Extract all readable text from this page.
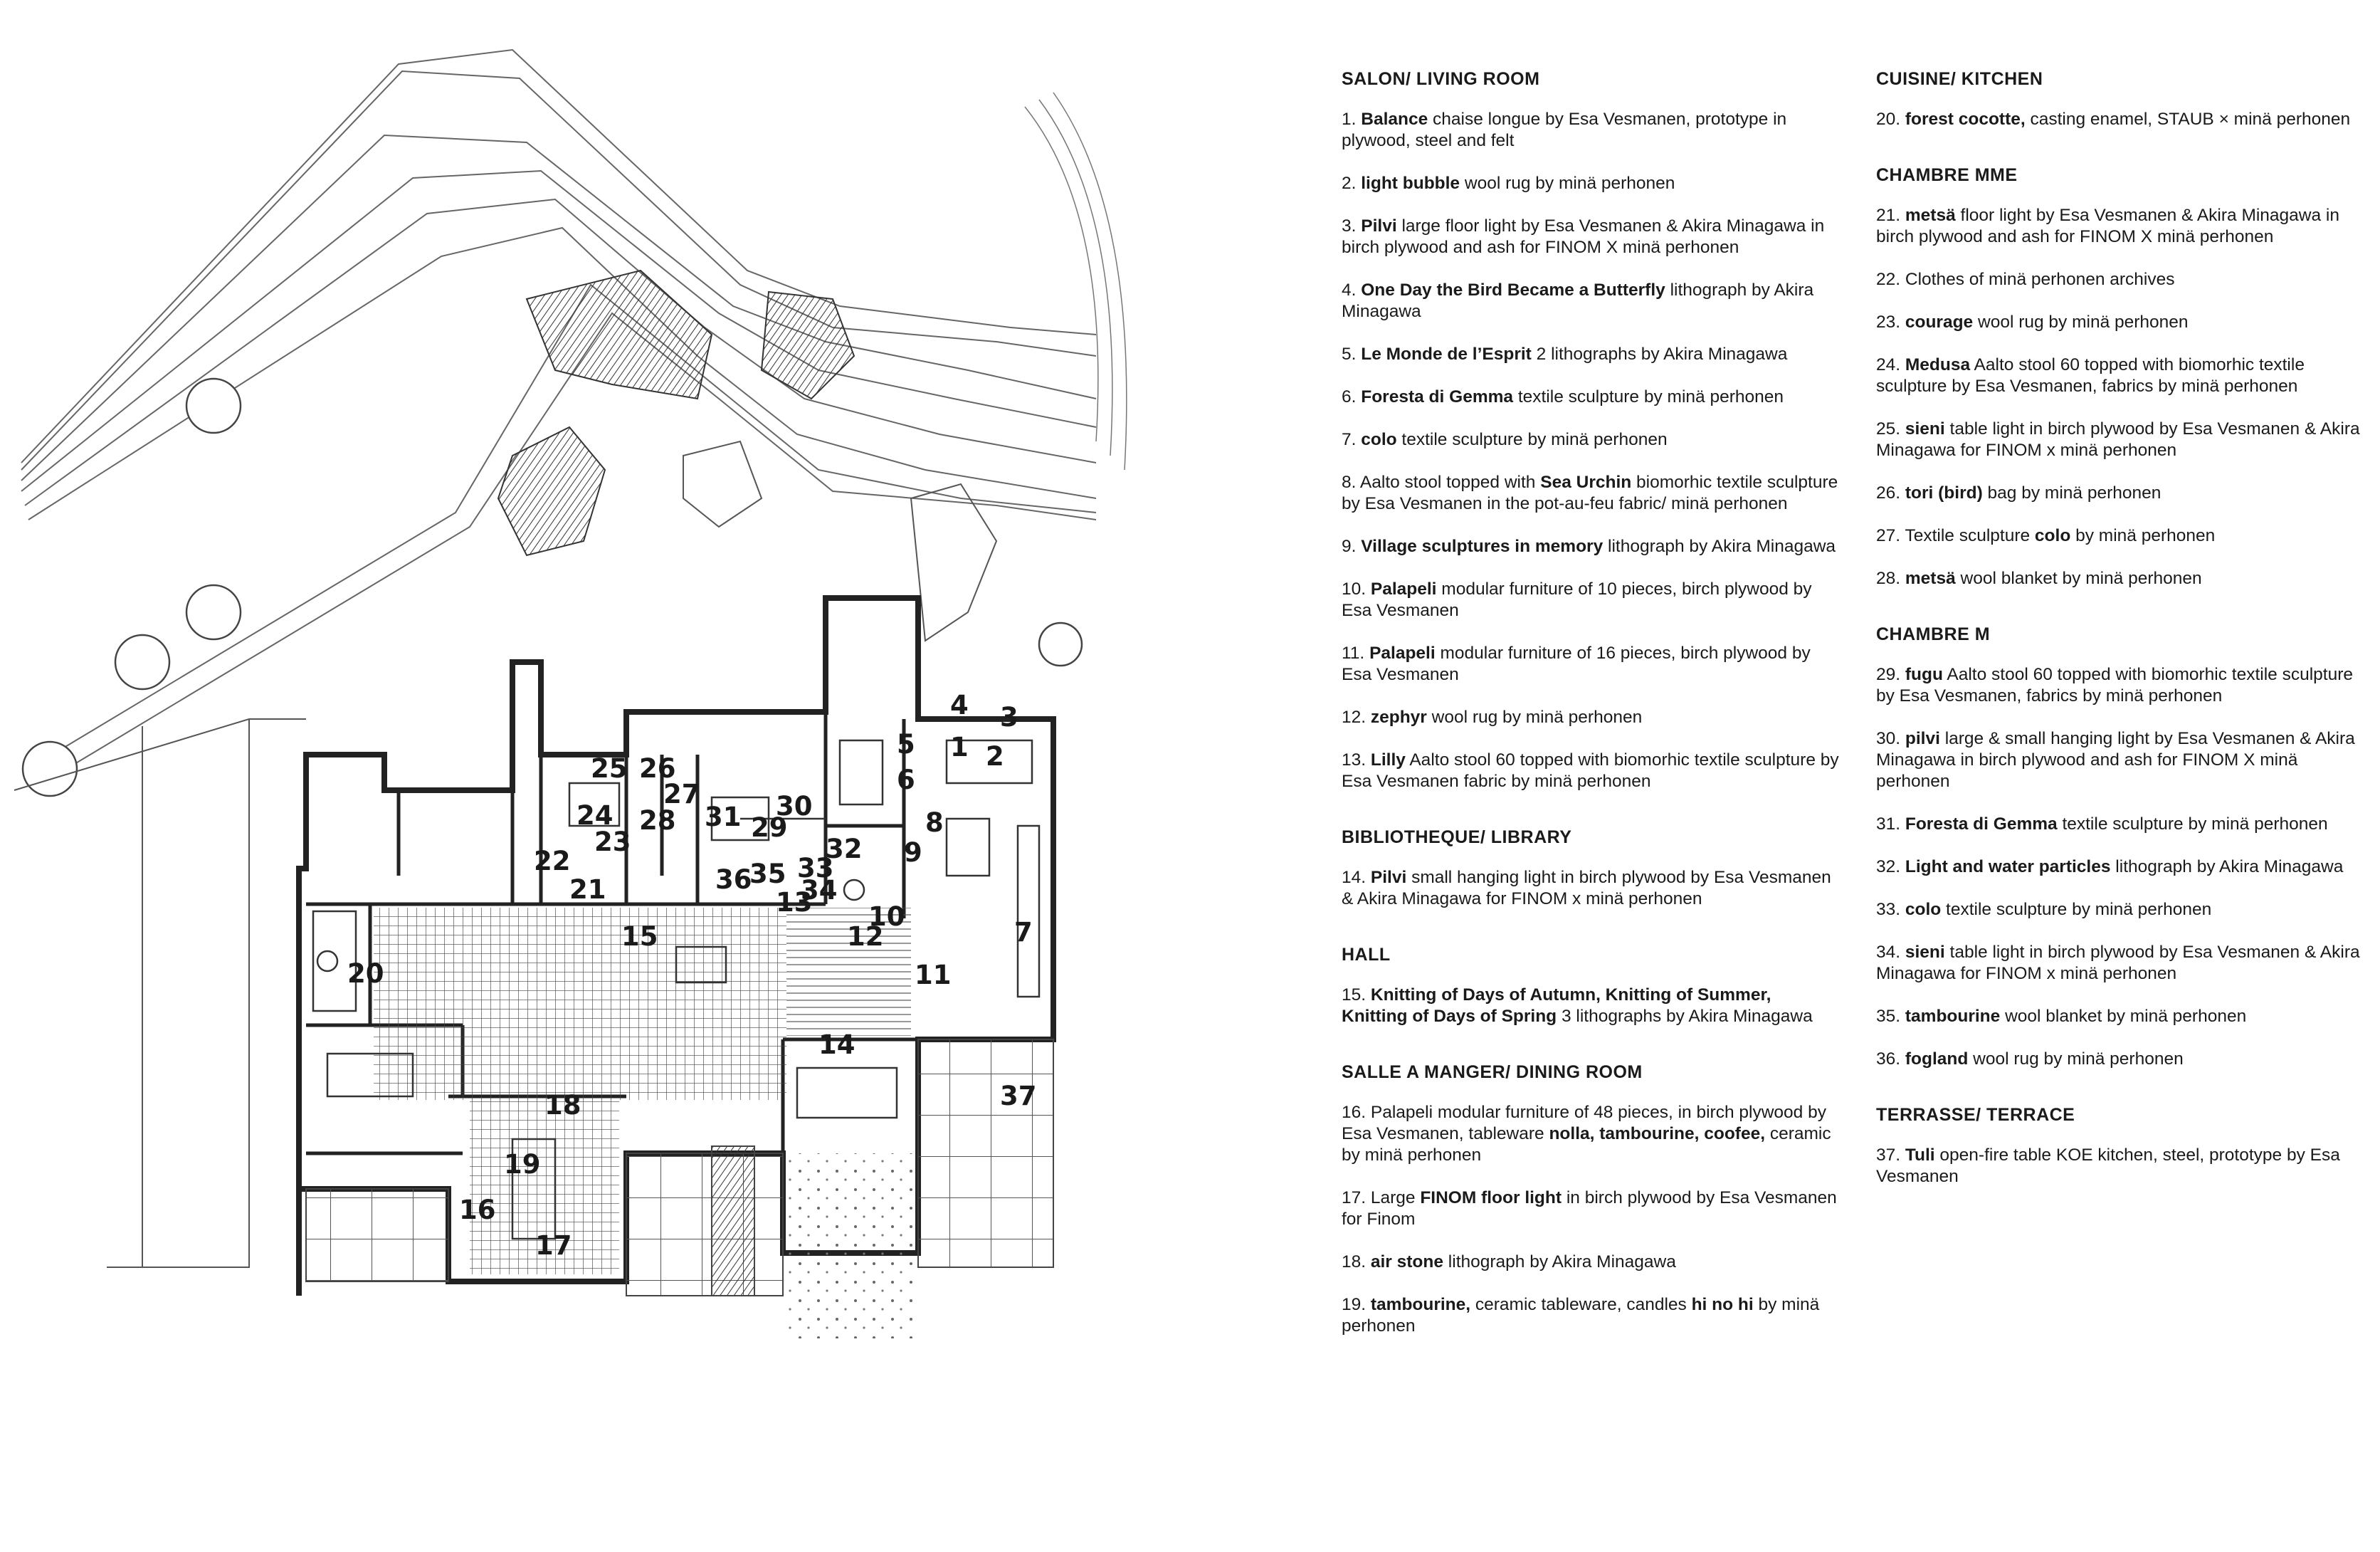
1 2
3
4
5
6
7
8
9
10
11
12
13
14
15
16
17
18
19
20
21
22
23
24
25 26
27
28	29
30
31
32
33
34
35
36
37
SALON/ LIVING ROOM
1. Balance chaise longue by Esa Vesmanen, prototype in plywood, steel and felt
2. light bubble wool rug by minä perhonen
3. Pilvi large floor light by Esa Vesmanen & Akira Minagawa in birch plywood and ash for FINOM X minä perhonen
4. One Day the Bird Became a Butterfly lithograph by Akira Minagawa
5. Le Monde de l’Esprit 2 lithographs by Akira Minagawa
6. Foresta di Gemma textile sculpture by minä perhonen
7. colo textile sculpture by minä perhonen
8. Aalto stool topped with Sea Urchin biomorhic textile sculpture by Esa Vesmanen in the pot-au-feu fabric/ minä perhonen
9. Village sculptures in memory lithograph by Akira Minagawa
10. Palapeli modular furniture of 10 pieces, birch plywood by Esa Vesmanen
11. Palapeli modular furniture of 16 pieces, birch plywood by Esa Vesmanen
12. zephyr wool rug by minä perhonen
13. Lilly Aalto stool 60 topped with biomorhic textile sculpture by Esa Vesmanen fabric by minä perhonen
BIBLIOTHEQUE/ LIBRARY
14. Pilvi small hanging light in birch plywood by Esa Vesmanen & Akira Minagawa for FINOM x minä perhonen
HALL
15. Knitting of Days of Autumn, Knitting of Summer, Knitting of Days of Spring 3 lithographs by Akira Minagawa
SALLE A MANGER/ DINING ROOM
16. Palapeli modular furniture of 48 pieces, in birch plywood by Esa Vesmanen, tableware nolla, tambourine, coofee, ceramic by minä perhonen
17. Large FINOM floor light in birch plywood by Esa Vesmanen for Finom
18. air stone lithograph by Akira Minagawa
19. tambourine, ceramic tableware, candles hi no hi by minä perhonen
CUISINE/ KITCHEN
20. forest cocotte, casting enamel, STAUB × minä perhonen
CHAMBRE MME
21. metsä floor light by Esa Vesmanen & Akira Minagawa in birch plywood and ash for FINOM X minä perhonen
22. Clothes of minä perhonen archives
23. courage wool rug by minä perhonen
24. Medusa Aalto stool 60 topped with biomorhic textile sculpture by Esa Vesmanen, fabrics by minä perhonen
25. sieni table light in birch plywood by Esa Vesmanen & Akira Minagawa for FINOM x minä perhonen
26. tori (bird) bag by minä perhonen
27. Textile sculpture colo by minä perhonen
28. metsä wool blanket by minä perhonen
CHAMBRE M
29. fugu Aalto stool 60 topped with biomorhic textile sculpture by Esa Vesmanen, fabrics by minä perhonen
30. pilvi large & small hanging light by Esa Vesmanen & Akira Minagawa in birch plywood and ash for FINOM X minä perhonen
31. Foresta di Gemma textile sculpture by minä perhonen
32. Light and water particles lithograph by Akira Minagawa
33. colo textile sculpture by minä perhonen
34. sieni table light in birch plywood by Esa Vesmanen & Akira Minagawa for FINOM x minä perhonen
35. tambourine wool blanket by minä perhonen
36. fogland wool rug by minä perhonen
TERRASSE/ TERRACE
37. Tuli open-fire table KOE kitchen, steel, prototype by Esa Vesmanen
